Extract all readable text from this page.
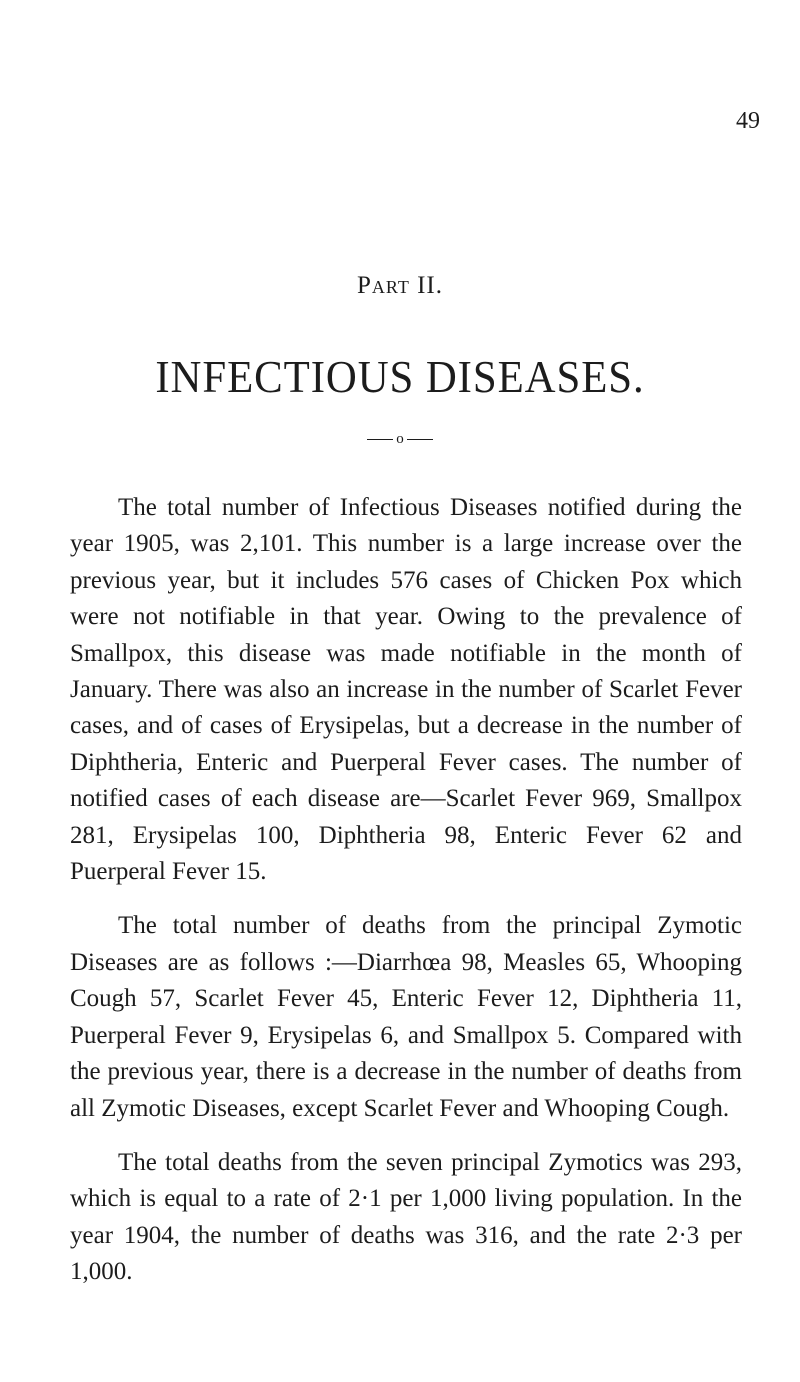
49
Part II.
INFECTIOUS DISEASES.
o

The total number of Infectious Diseases notified during the year 1905, was 2,101. This number is a large increase over the previous year, but it includes 576 cases of Chicken Pox which were not notifiable in that year. Owing to the prevalence of Smallpox, this disease was made notifiable in the month of January. There was also an increase in the number of Scarlet Fever cases, and of cases of Erysipelas, but a decrease in the number of Diphtheria, Enteric and Puerperal Fever cases. The number of notified cases of each disease are—Scarlet Fever 969, Smallpox 281, Erysipelas 100, Diphtheria 98, Enteric Fever 62 and Puerperal Fever 15.

The total number of deaths from the principal Zymotic Diseases are as follows :—Diarrhœa 98, Measles 65, Whooping Cough 57, Scarlet Fever 45, Enteric Fever 12, Diphtheria 11, Puerperal Fever 9, Erysipelas 6, and Smallpox 5. Compared with the previous year, there is a decrease in the number of deaths from all Zymotic Diseases, except Scarlet Fever and Whooping Cough.

The total deaths from the seven principal Zymotics was 293, which is equal to a rate of 2·1 per 1,000 living population. In the year 1904, the number of deaths was 316, and the rate 2·3 per 1,000.
